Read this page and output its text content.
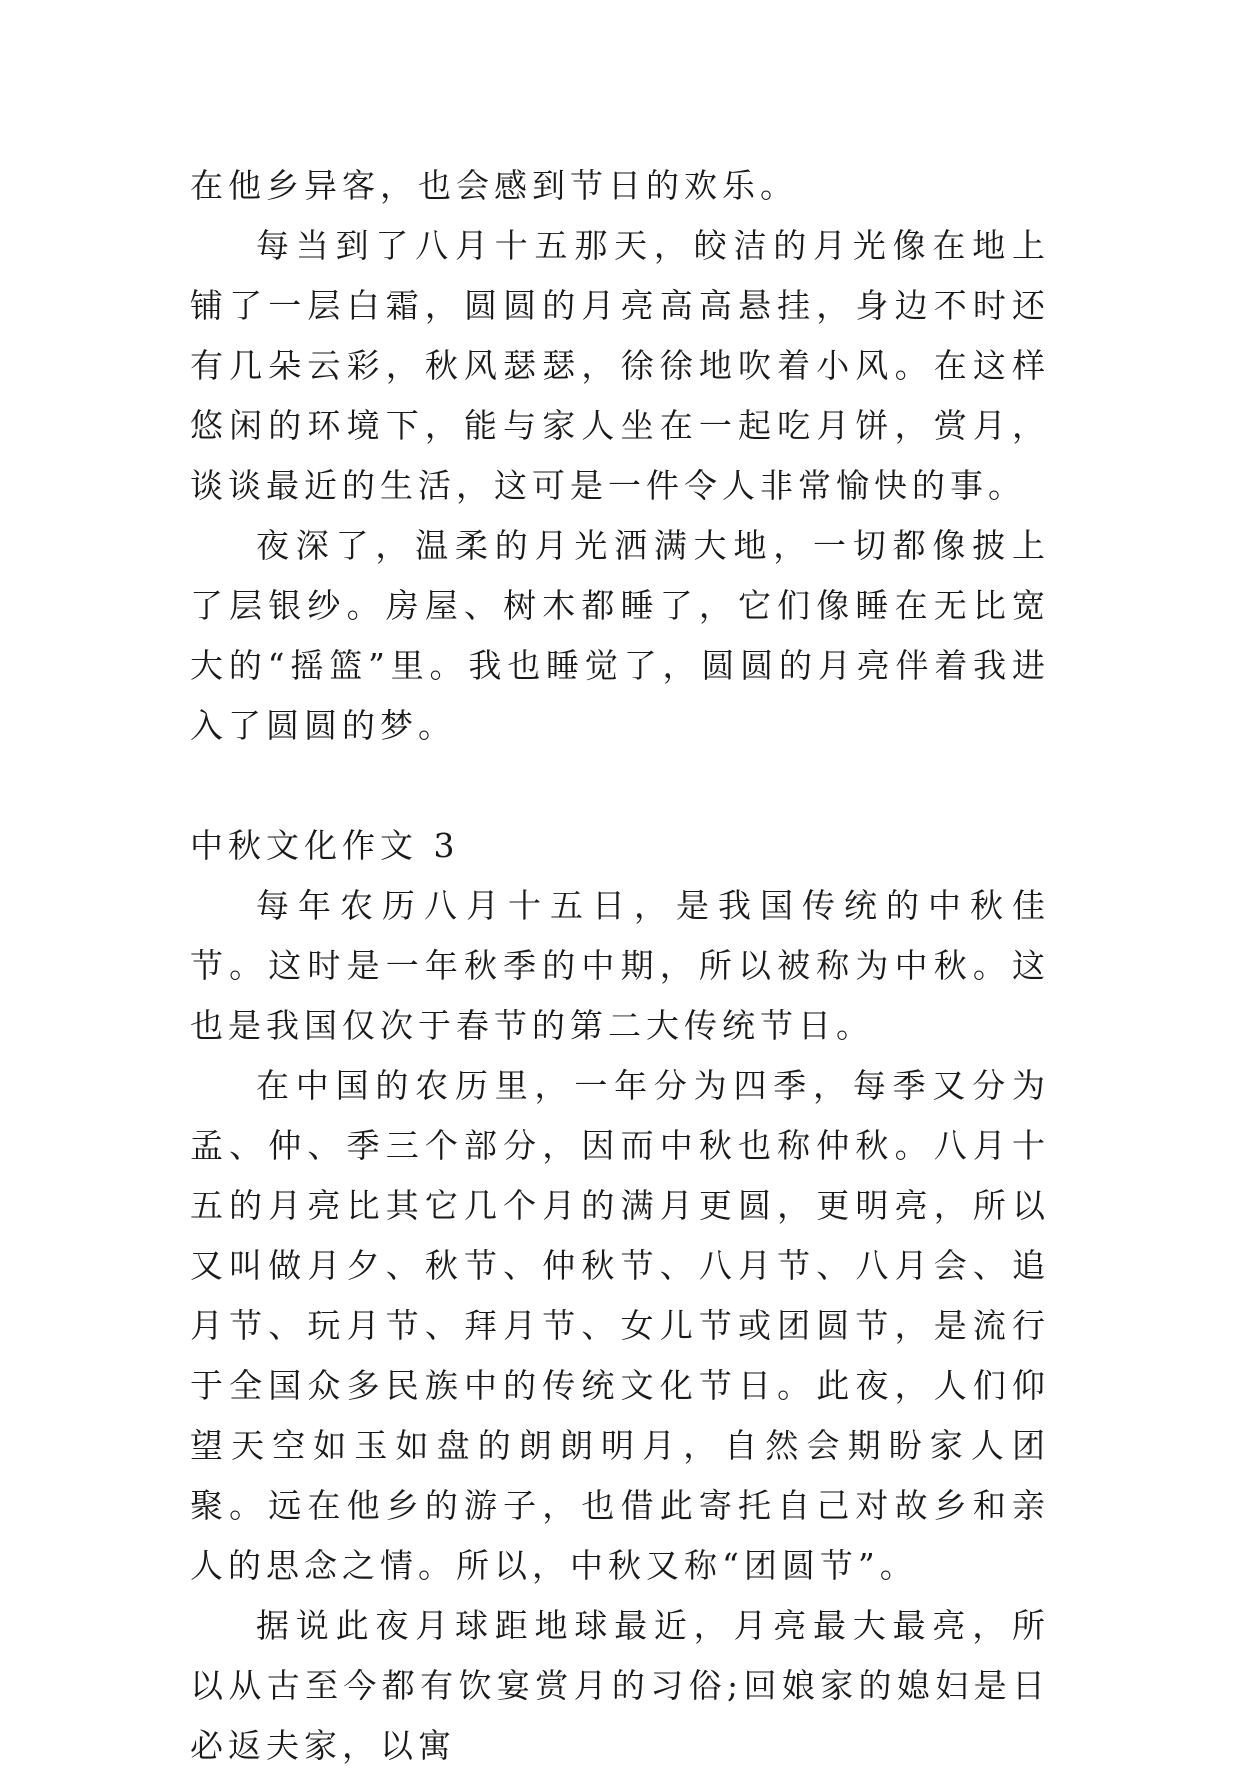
在他乡异客，也会感到节日的欢乐。

每当到了八月十五那天，皎洁的月光像在地上铺了一层白霜，圆圆的月亮高高悬挂，身边不时还有几朵云彩，秋风瑟瑟，徐徐地吹着小风。在这样悠闲的环境下，能与家人坐在一起吃月饼，赏月，谈谈最近的生活，这可是一件令人非常愉快的事。

夜深了，温柔的月光洒满大地，一切都像披上了层银纱。房屋、树木都睡了，它们像睡在无比宽大的“摇篮”里。我也睡觉了，圆圆的月亮伴着我进入了圆圆的梦。

中秋文化作文 3

每年农历八月十五日，是我国传统的中秋佳节。这时是一年秋季的中期，所以被称为中秋。这也是我国仅次于春节的第二大传统节日。

在中国的农历里，一年分为四季，每季又分为孟、仲、季三个部分，因而中秋也称仲秋。八月十五的月亮比其它几个月的满月更圆，更明亮，所以又叫做月夕、秋节、仲秋节、八月节、八月会、追月节、玩月节、拜月节、女儿节或团圆节，是流行于全国众多民族中的传统文化节日。此夜，人们仰望天空如玉如盘的朗朗明月，自然会期盼家人团聚。远在他乡的游子，也借此寄托自己对故乡和亲人的思念之情。所以，中秋又称“团圆节”。

据说此夜月球距地球最近，月亮最大最亮，所以从古至今都有饮宴赏月的习俗;回娘家的媳妇是日必返夫家，以寓
